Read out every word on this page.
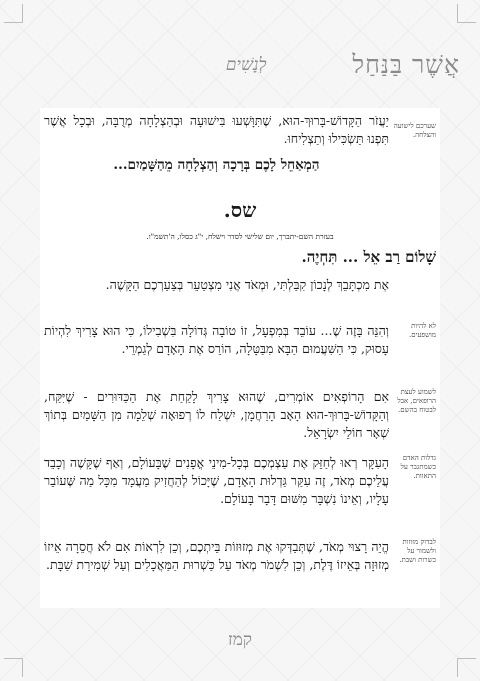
אֲשֶׁר בַּנַּחַל
לְנָשִׁים
שערכם לישועה והצלחה.

יַעֲזֹר הַקָּדוֹשׁ-בָּרוּךְ-הוּא, שֶׁתִּוָּשְׁעוּ בִּישׁוּעָה וּבְהַצְלָחָה מְרֻבָּה, וּבְכָל אֲשֶׁר תִּפְנוּ תַּשְׂכִּילוּ וְתַצְלִיחוּ.

הַמְאַחֵל לָכֶם בְּרָכָה וְהַצְלָחָה מֵהַשָּׁמַיִם...

שס.
בעזרת השם-יתברך, יום שלישי לסדר וישלח, י"ג כסלו, ה'תשמ"ו.

שָׁלוֹם רַב אֵל ... תִּחְיֶה.

אֶת מִכְתָּבֵךְ לְנָכוֹן קִבַּלְתִּי, וּמְאֹד אֲנִי מִצְטַעֵר בְּצַעַרְכֶם הַקָּשֶׁה.

לא להיות מושפעים.

וְהִנֵּה בָּזֶה שֶׁ... עוֹבֵד בְּמִפְעָל, זוֹ טוֹבָה גְּדוֹלָה בִּשְׁבִילוֹ, כִּי הוּא צָרִיךְ לִהְיוֹת עָסוּק, כִּי הַשִּׁעֲמוּם הַבָּא מִבַּטָּלָה, הוֹרֵס אֶת הָאָדָם לְגַמְרֵי.

לשמוע לעצת הרופאים, אבל לבטוח בהשם.

אִם הָרוֹפְאִים אוֹמְרִים, שֶׁהוּא צָרִיךְ לָקַחַת אֶת הַכַּדּוּרִים - שֶׁיִּקַּח, וְהַקָּדוֹשׁ-בָּרוּךְ-הוּא הָאָב הָרַחֲמָן, יִשְׁלַח לוֹ רְפוּאָה שְׁלֵמָה מִן הַשָּׁמַיִם בְּתוֹךְ שְׁאָר חוֹלֵי יִשְׂרָאֵל.

גדלות האדם כשמתגבר על התאוות.

הָעִקָּר רְאוּ לְחַזֵּק אֶת עַצְמְכֶם בְּכָל-מִינֵי אֳפָנִים שֶׁבָּעוֹלָם, וְאַף שֶׁקָּשֶׁה וְכָבֵד עֲלֵיכֶם מְאֹד, זֶה עִקַּר גַּדְלוּת הָאָדָם, שֶׁיָּכוֹל לְהַחֲזִיק מַעֲמָד מִכָּל מַה שֶּׁעוֹבֵר עָלָיו, וְאֵינוֹ נִשְׁבָּר מִשּׁוּם דָּבָר בָּעוֹלָם.

לבדוק מזוזות ולשמור על כשרות ושבת.

הֱיֵה רָצוּי מְאֹד, שֶׁתְּבַדְּקוּ אֶת מְזוּזוֹת בֵּיתְכֶם, וְכֵן לִרְאוֹת אִם לֹא חֲסֵרָה אֵיזוֹ מְזוּזָה בְּאֵיזוֹ דֶּלֶת, וְכֵן לִשְׁמֹר מְאֹד עַל כַּשְׁרוּת הַמַּאֲכָלִים וְעַל שְׁמִירַת שַׁבָּת.

קמז
